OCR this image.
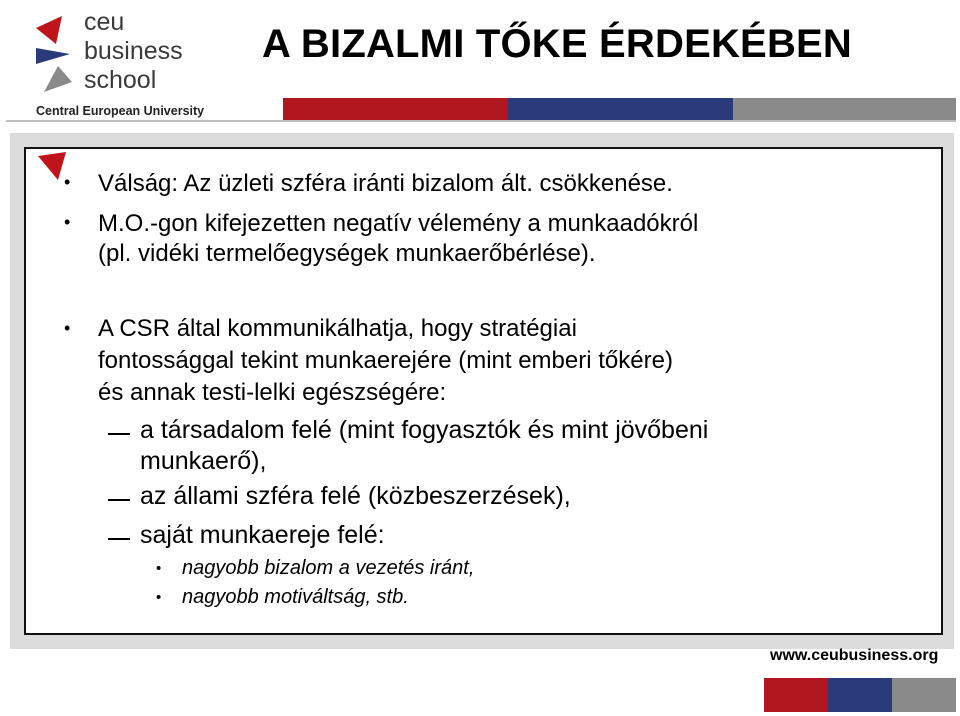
ceu
business
school
Central European University
A BIZALMI TŐKE ÉRDEKÉBEN
• Válság: Az üzleti szféra iránti bizalom ált. csökkenése.
• M.O.-gon kifejezetten negatív vélemény a munkaadókról
(pl. vidéki termelőegységek munkaerőbérlése).
• A CSR által kommunikálhatja, hogy stratégiai
fontossággal tekint munkaerejére (mint emberi tőkére)
és annak testi-lelki egészségére:
a társadalom felé (mint fogyasztók és mint jövőbeni
munkaerő),
az állami szféra felé (közbeszerzések),
saját munkaereje felé:
• nagyobb bizalom a vezetés iránt,
• nagyobb motiváltság, stb.
www.ceubusiness.org
